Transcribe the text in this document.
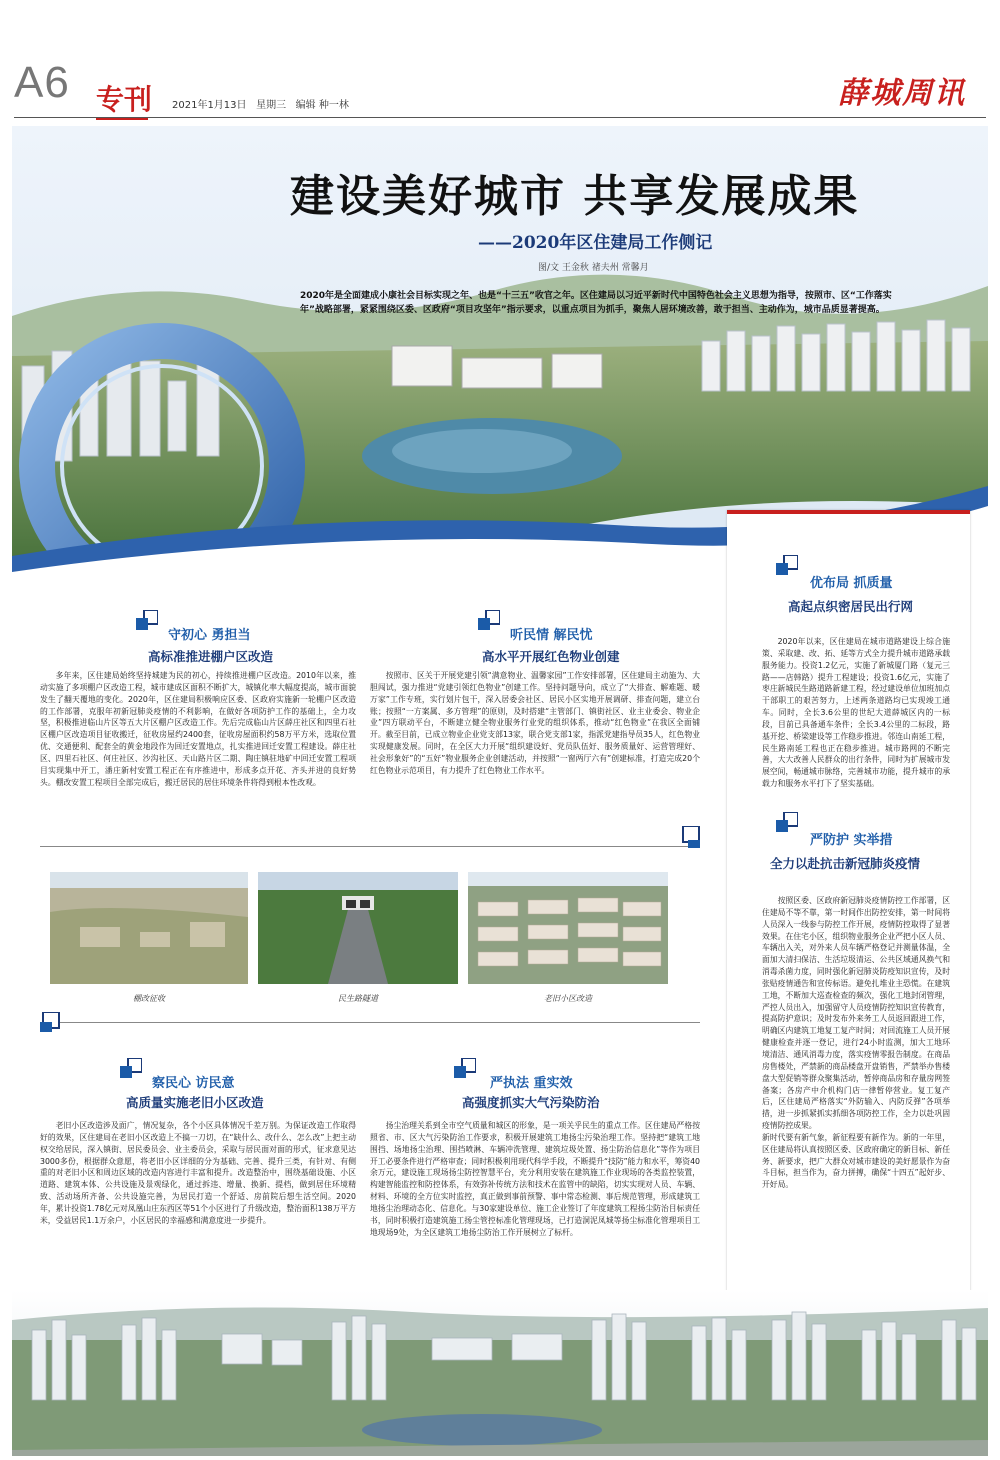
A6 专刊 2021年1月13日 星期三 编辑 种一林	薛城周讯
建设美好城市 共享发展成果
——2020年区住建局工作侧记
图/文 王金秋 禇夫州 常馨月
2020年是全面建成小康社会目标实现之年、也是“十三五”收官之年。区住建局以习近平新时代中国特色社会主义思想为指导，按照市、区“工作落实年”战略部署，紧紧围绕区委、区政府“项目攻坚年”指示要求，以重点项目为抓手，聚焦人居环境改善，敢于担当、主动作为，城市品质显著提高。
守初心 勇担当
高标准推进棚户区改造
多年来，区住建局始终坚持城建为民的初心，持续推进棚户区改造。2010年以来，推动实施了多项棚户区改造工程，城市建成区面积不断扩大，城镇化率大幅度提高，城市面貌发生了翻天覆地的变化。2020年，区住建局积极响应区委、区政府实施新一轮棚户区改造的工作部署，克服年初新冠肺炎疫情的不利影响，在做好各项防护工作的基础上，全力攻坚，积极推进临山片区等五大片区棚户区改造工作。先后完成临山片区薛庄社区和四里石社区棚户区改造项目征收搬迁，征收房屋约2400套，征收房屋面积约58万平方米，选取位置优、交通便利、配套全的黄金地段作为回迁安置地点，扎实推进回迁安置工程建设。薛庄社区、四里石社区、何庄社区、沙沟社区、天山路片区二期、陶庄镇驻地矿中回迁安置工程项目实现集中开工，潘庄新村安置工程正在有序推进中，形成多点开花、齐头并进的良好势头。棚改安置工程项目全部完成后，搬迁居民的居住环境条件将得到根本性改观。
听民情 解民忧
高水平开展红色物业创建
按照市、区关于开展党建引领“满意物业、温馨家园”工作安排部署，区住建局主动施为、大胆闯试，强力推进“党建引领红色物业”创建工作。坚持问题导向，成立了“大排查、解难题、暖万家”工作专班，实行划片包干，深入居委会社区、居民小区实地开展调研、排查问题，建立台账；按照“一方案属、多方管理”的原则，及时搭建“主管部门、镇街社区、业主业委会、物业企业”四方联动平台，不断建立健全物业服务行业党的组织体系，推动“红色物业”在我区全面铺开。截至目前，已成立物业企业党支部13家，联合党支部1家，指派党建指导员35人，红色物业实现健康发展。同时，在全区大力开展“组织建设好、党员队伍好、服务质量好、运营管理好、社会形象好”的“五好”物业服务企业创建活动，并按照“一窗两厅六有”创建标准，打造完成20个红色物业示范项目，有力提升了红色物业工作水平。
优布局 抓质量
高起点织密居民出行网
2020年以来，区住建局在城市道路建设上综合施策、采取建、改、拓、延等方式全力提升城市道路承载服务能力。投资1.2亿元，实施了新城厦门路（复元三路——店韩路）提升工程建设；投资1.6亿元，实施了枣庄新城民生路道路新建工程，经过建设单位加班加点干部职工的艰苦努力，上述两条道路均已实现竣工通车。同时，全长3.6公里的世纪大道薛城区内的一标段，目前已具备通车条件；全长3.4公里的二标段，路基开挖、桥梁建设等工作稳步推进。邻连山南延工程，民生路南延工程也正在稳步推进。城市路网的不断完善，大大改善人民群众的出行条件，同时为扩展城市发展空间，畅通城市脉络，完善城市功能，提升城市的承载力和服务水平打下了坚实基础。
严防护 实举措
全力以赴抗击新冠肺炎疫情
按照区委、区政府新冠肺炎疫情防控工作部署，区住建局不等不靠，第一时间作出防控安排，第一时间将人员深入一线参与防控工作开展，疫情防控取得了显著效果。在住宅小区，组织物业服务企业严把小区人员、车辆出入关，对外来人员车辆严格登记并测量体温，全面加大清扫保洁、生活垃圾清运、公共区域通风换气和消毒杀菌力度，同时强化新冠肺炎防疫知识宣传，及时张贴疫情通告和宣传标语。避免扎堆业主恐慌。在建筑工地，不断加大巡查检查的频次，强化工地封闭管理，严控人员出入，加强留守人员疫情防控知识宣传教育，提高防护意识；及时发布外来务工人员返回跟进工作，明确区内建筑工地复工复产时间；对回流施工人员开展健康检查并逐一登记，进行24小时监测，加大工地环境清洁、通风消毒力度，落实疫情零报告制度。在商品房售楼处，严禁新的商品楼盘开盘销售，严禁举办售楼盘大型促销等群众聚集活动，暂停商品房和存量房网签备案；各房产中介机构门店一律暂停营业。复工复产后，区住建局严格落实“外防输入、内防反弹”各项举措，进一步抓紧抓实抓细各项防控工作，全力以赴巩固疫情防控成果。
新时代要有新气象，新征程要有新作为。新的一年里，区住建局将认真按照区委、区政府确定的新目标、新任务、新要求，把广大群众对城市建设的美好愿景作为奋斗目标，担当作为，奋力拼搏，确保“十四五”起好步、开好局。
棚改征收	民生路隧道	老旧小区改造
察民心 访民意
高质量实施老旧小区改造
老旧小区改造涉及面广，情况复杂，各个小区具体情况千差万别。为保证改造工作取得好的效果，区住建局在老旧小区改造上不搞一刀切，在“缺什么、改什么、怎么改”上把主动权交给居民，深入镇街、居民委员会、业主委员会，采取与居民面对面的形式，征求意见达3000多份，根据群众意愿，将老旧小区详细的分为基础、完善、提升三类，有针对、有侧重的对老旧小区和周边区域的改造内容进行丰富和提升。改造整治中，围绕基础设施、小区道路、建筑本体、公共设施及景观绿化，通过拆违、增量、换新、提档，做到居住环境精致、活动场所齐备、公共设施完善，为居民打造一个舒适、房前院后想生活空间。2020年，累计投资1.78亿元对凤凰山庄东西区等51个小区进行了升级改造，整治面积138万平方米，受益居民1.1万余户，小区居民的幸福感和满意度进一步提升。
严执法 重实效
高强度抓实大气污染防治
扬尘治理关系到全市空气质量和城区的形象，是一项关乎民生的重点工作。区住建局严格按照省、市、区大气污染防治工作要求，积极开展建筑工地扬尘污染治理工作。坚持把“建筑工地围挡、场地扬尘治理、围挡喷淋、车辆冲洗管理、建筑垃圾处置、扬尘防治信息化”等作为项目开工必要条件进行严格审查；同时积极利用现代科学手段，不断提升“技防”能力和水平，筹资40余万元，建设施工现场扬尘防控智慧平台，充分利用安装在建筑施工作业现场的各类监控装置，构建智能监控和防控体系，有效弥补传统方法和技术在监管中的缺陷，切实实现对人员、车辆、材料、环境的全方位实时监控，真正做到事前预警、事中常态检测、事后规范管理，形成建筑工地扬尘治理动态化、信息化。与30家建设单位、施工企业签订了年度建筑工程扬尘防治目标责任书，同时积极打造建筑施工扬尘管控标准化管理现场，已打造洞泥凤城等扬尘标准化管理项目工地现场9处，为全区建筑工地扬尘防治工作开展树立了标杆。
